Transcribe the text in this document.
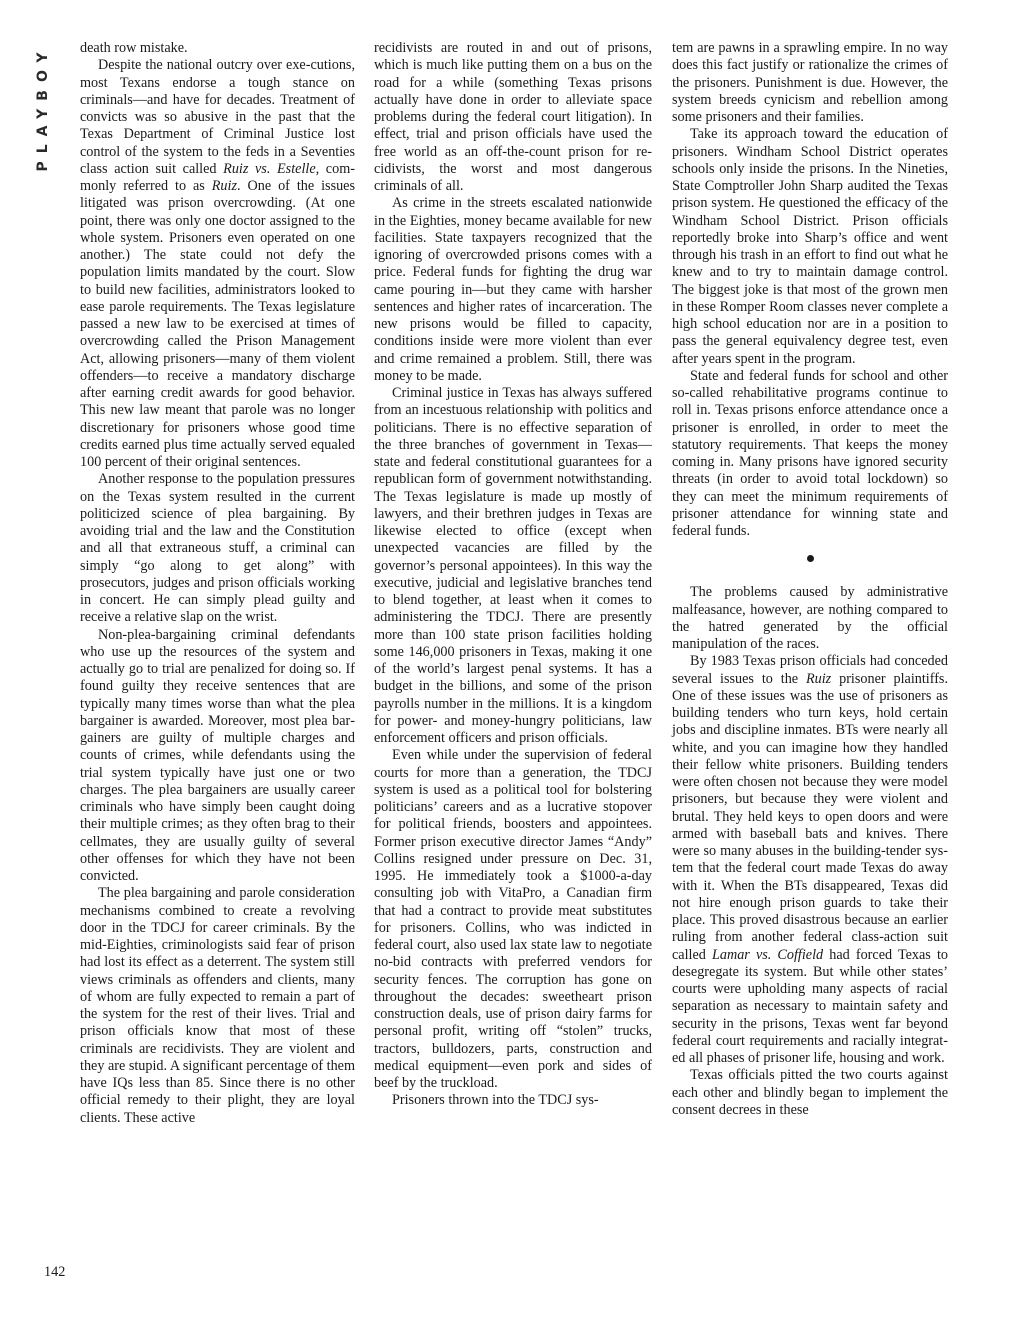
PLAYBOY death row mistake.

Despite the national outcry over exe-cutions, most Texans endorse a tough stance on criminals—and have for decades. Treatment of convicts was so abusive in the past that the Texas Department of Criminal Justice lost control of the system to the feds in a Seventies class action suit called Ruiz vs. Estelle, commonly referred to as Ruiz. One of the issues litigated was prison overcrowding. (At one point, there was only one doctor assigned to the whole system. Prisoners even operated on one another.) The state could not defy the population limits mandated by the court. Slow to build new facilities, administrators looked to ease parole requirements. The Texas legislature passed a new law to be exercised at times of overcrowding called the Prison Management Act, allowing prisoners—many of them violent offenders—to receive a mandatory discharge after earning credit awards for good behavior. This new law meant that parole was no longer discretionary for prisoners whose good time credits earned plus time actually served equaled 100 percent of their original sentences.

Another response to the population pressures on the Texas system resulted in the current politicized science of plea bargaining. By avoiding trial and the law and the Constitution and all that extraneous stuff, a criminal can simply “go along to get along” with prosecutors, judges and prison officials working in concert. He can simply plead guilty and receive a relative slap on the wrist.

Non-plea-bargaining criminal defendants who use up the resources of the system and actually go to trial are penalized for doing so. If found guilty they receive sentences that are typically many times worse than what the plea bargainer is awarded. Moreover, most plea bargainers are guilty of multiple charges and counts of crimes, while defendants using the trial system typically have just one or two charges. The plea bargainers are usually career criminals who have simply been caught doing their multiple crimes; as they often brag to their cellmates, they are usually guilty of several other offenses for which they have not been convicted.

The plea bargaining and parole consideration mechanisms combined to create a revolving door in the TDCJ for career criminals. By the mid-Eighties, criminologists said fear of prison had lost its effect as a deterrent. The system still views criminals as offenders and clients, many of whom are fully expected to remain a part of the system for the rest of their lives. Trial and prison officials know that most of these criminals are recidivists. They are violent and they are stupid. A significant percentage of them have IQs less than 85. Since there is no other official remedy to their plight, they are loyal clients. These active

recidivists are routed in and out of prisons, which is much like putting them on a bus on the road for a while (something Texas prisons actually have done in order to alleviate space problems during the federal court litigation). In effect, trial and prison officials have used the free world as an off-the-count prison for recidivists, the worst and most dangerous criminals of all.

As crime in the streets escalated nationwide in the Eighties, money became available for new facilities. State taxpayers recognized that the ignoring of overcrowded prisons comes with a price. Federal funds for fighting the drug war came pouring in—but they came with harsher sentences and higher rates of incarceration. The new prisons would be filled to capacity, conditions inside were more violent than ever and crime remained a problem. Still, there was money to be made.

Criminal justice in Texas has always suffered from an incestuous relationship with politics and politicians. There is no effective separation of the three branches of government in Texas—state and federal constitutional guarantees for a republican form of government notwithstanding. The Texas legislature is made up mostly of lawyers, and their brethren judges in Texas are likewise elected to office (except when unexpected vacancies are filled by the governor’s personal appointees). In this way the executive, judicial and legislative branches tend to blend together, at least when it comes to administering the TDCJ. There are presently more than 100 state prison facilities holding some 146,000 prisoners in Texas, making it one of the world’s largest penal systems. It has a budget in the billions, and some of the prison payrolls number in the millions. It is a kingdom for power- and money-hungry politicians, law enforcement officers and prison officials.

Even while under the supervision of federal courts for more than a generation, the TDCJ system is used as a political tool for bolstering politicians’ careers and as a lucrative stopover for political friends, boosters and appointees. Former prison executive director James “Andy” Collins resigned under pressure on Dec. 31, 1995. He immediately took a $1000-a-day consulting job with VitaPro, a Canadian firm that had a contract to provide meat substitutes for prisoners. Collins, who was indicted in federal court, also used lax state law to negotiate no-bid contracts with preferred vendors for security fences. The corruption has gone on throughout the decades: sweetheart prison construction deals, use of prison dairy farms for personal profit, writing off “stolen” trucks, tractors, bulldozers, parts, construction and medical equipment—even pork and sides of beef by the truckload.

Prisoners thrown into the TDCJ sys-

tem are pawns in a sprawling empire. In no way does this fact justify or rationalize the crimes of the prisoners. Punishment is due. However, the system breeds cynicism and rebellion among some prisoners and their families.

Take its approach toward the education of prisoners. Windham School District operates schools only inside the prisons. In the Nineties, State Comptroller John Sharp audited the Texas prison system. He questioned the efficacy of the Windham School District. Prison officials reportedly broke into Sharp’s office and went through his trash in an effort to find out what he knew and to try to maintain damage control. The biggest joke is that most of the grown men in these Romper Room classes never complete a high school education nor are in a position to pass the general equivalency degree test, even after years spent in the program.

State and federal funds for school and other so-called rehabilitative programs continue to roll in. Texas prisons enforce attendance once a prisoner is enrolled, in order to meet the statutory requirements. That keeps the money coming in. Many prisons have ignored security threats (in order to avoid total lockdown) so they can meet the minimum requirements of prisoner attendance for winning state and federal funds.

The problems caused by administrative malfeasance, however, are nothing compared to the hatred generated by the official manipulation of the races.

By 1983 Texas prison officials had conceded several issues to the Ruiz prisoner plaintiffs. One of these issues was the use of prisoners as building tenders who turn keys, hold certain jobs and discipline inmates. BTs were nearly all white, and you can imagine how they handled their fellow white prisoners. Building tenders were often chosen not because they were model prisoners, but because they were violent and brutal. They held keys to open doors and were armed with baseball bats and knives. There were so many abuses in the building-tender system that the federal court made Texas do away with it. When the BTs disappeared, Texas did not hire enough prison guards to take their place. This proved disastrous because an earlier ruling from another federal class-action suit called Lamar vs. Coffield had forced Texas to desegregate its system. But while other states’ courts were upholding many aspects of racial separation as necessary to maintain safety and security in the prisons, Texas went far beyond federal court requirements and racially integrated all phases of prisoner life, housing and work.

Texas officials pitted the two courts against each other and blindly began to implement the consent decrees in these

142
